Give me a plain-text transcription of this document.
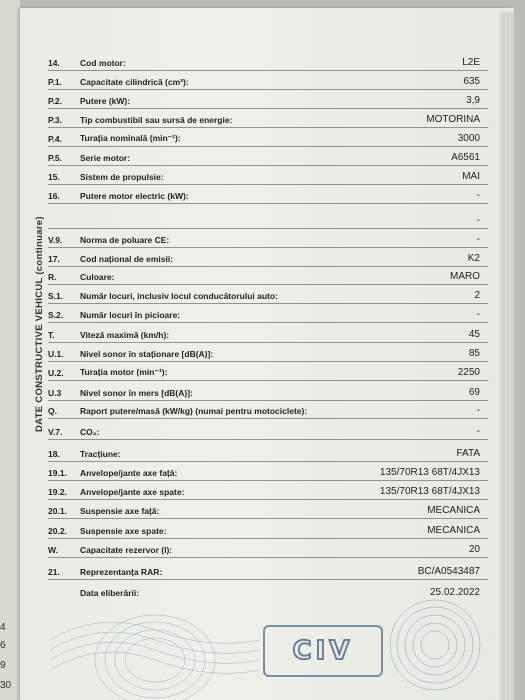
4
6
9
30
DATE CONSTRUCTIVE VEHICUL (continuare)
14. Cod motor:	L2E
P.1. Capacitate cilindrică (cm³):	635
P.2. Putere (kW):	3,9
P.3. Tip combustibil sau sursă de energie:	MOTORINA
P.4. Turația nominală (min⁻¹):	3000
P.5. Serie motor:	A6561
15. Sistem de propulsie:	MAI
16. Putere motor electric (kW):	-
-
V.9. Norma de poluare CE:	-
17. Cod național de emisii:	K2
R.	Culoare:	MARO
S.1. Număr locuri, inclusiv locul conducătorului auto:	2
S.2. Număr locuri în picioare:	-
T.	Viteză maximă (km/h):	45
U.1. Nivel sonor în staționare [dB(A)]:	85
U.2. Turația motor (min⁻¹):	2250
U.3 Nivel sonor în mers [dB(A)]:	69
Q.	Raport putere/masă (kW/kg) (numai pentru motociclete):	-
V.7. CO₂:	-
18. Tracțiune:	FATA
19.1. Anvelope/jante axe față:	135/70R13 68T/4JX13
19.2. Anvelope/jante axe spate:	135/70R13 68T/4JX13
20.1. Suspensie axe față:	MECANICA
20.2. Suspensie axe spate:	MECANICA
W.	Capacitate rezervor (l):	20
21. Reprezentanța RAR:	BC/A0543487
Data eliberării:	25.02.2022
CIV
